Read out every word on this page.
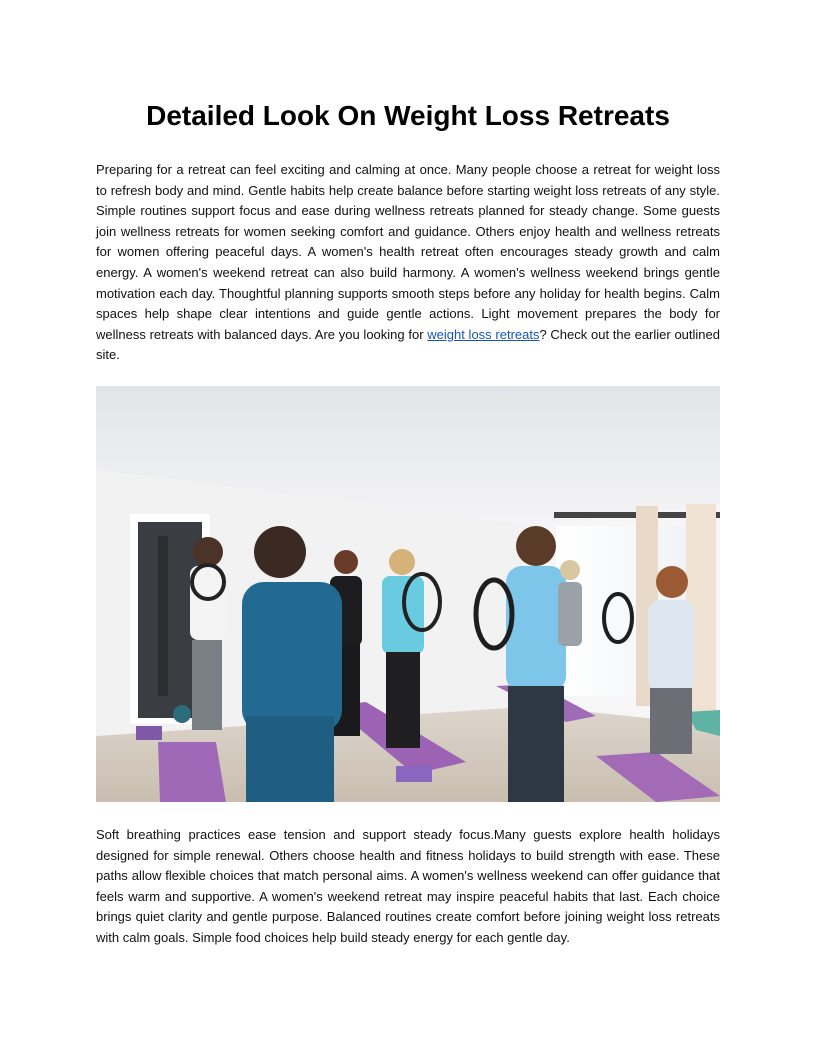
Detailed Look On Weight Loss Retreats

Preparing for a retreat can feel exciting and calming at once. Many people choose a retreat for weight loss to refresh body and mind. Gentle habits help create balance before starting weight loss retreats of any style. Simple routines support focus and ease during wellness retreats planned for steady change. Some guests join wellness retreats for women seeking comfort and guidance. Others enjoy health and wellness retreats for women offering peaceful days. A women's health retreat often encourages steady growth and calm energy. A women's weekend retreat can also build harmony. A women's wellness weekend brings gentle motivation each day. Thoughtful planning supports smooth steps before any holiday for health begins. Calm spaces help shape clear intentions and guide gentle actions. Light movement prepares the body for wellness retreats with balanced days. Are you looking for weight loss retreats? Check out the earlier outlined site.

Soft breathing practices ease tension and support steady focus.Many guests explore health holidays designed for simple renewal. Others choose health and fitness holidays to build strength with ease. These paths allow flexible choices that match personal aims. A women's wellness weekend can offer guidance that feels warm and supportive. A women's weekend retreat may inspire peaceful habits that last. Each choice brings quiet clarity and gentle purpose. Balanced routines create comfort before joining weight loss retreats with calm goals. Simple food choices help build steady energy for each gentle day.
